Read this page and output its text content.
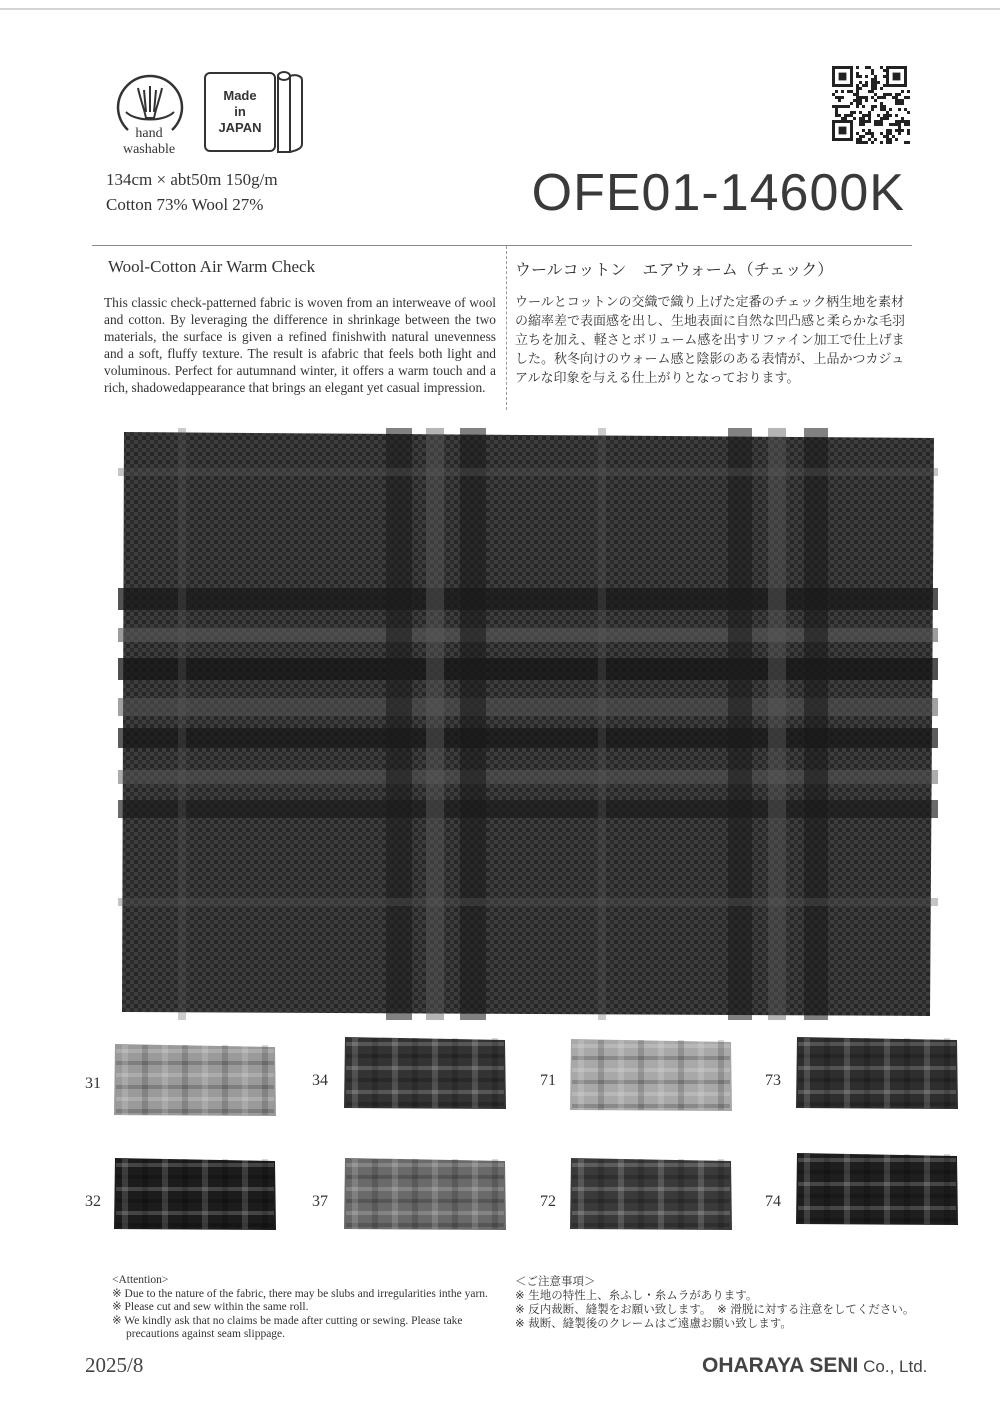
hand
washable
Made
in
JAPAN
134cm × abt50m 150g/m
Cotton 73% Wool 27%	OFE01-14600K
Wool-Cotton Air Warm Check	ウールコットン　エアウォーム（チェック）
This classic check-patterned fabric is woven from an interweave of wool and cotton. By leveraging the difference in shrinkage between the two materials, the surface is given a refined finishwith natural unevenness and a soft, fluffy texture. The result is afabric that feels both light and voluminous. Perfect for autumnand winter, it offers a warm touch and a rich, shadowedappearance that brings an elegant yet casual impression.
ウールとコットンの交織で織り上げた定番のチェック柄生地を素材の縮率差で表面感を出し、生地表面に自然な凹凸感と柔らかな毛羽立ちを加え、軽さとボリューム感を出すリファイン加工で仕上げました。秋冬向けのウォーム感と陰影のある表情が、上品かつカジュアルな印象を与える仕上がりとなっております。
31
32
34
37
71
72
73
74
<Attention>
※ Due to the nature of the fabric, there may be slubs and irregularities inthe yarn.
※ Please cut and sew within the same roll.
※ We kindly ask that no claims be made after cutting or sewing. Please take
precautions against seam slippage.
＜ご注意事項＞
※ 生地の特性上、糸ふし・糸ムラがあります。
※ 反内裁断、縫製をお願い致します。　※ 滑脱に対する注意をしてください。
※ 裁断、縫製後のクレームはご遠慮お願い致します。
2025/8	OHARAYA SENI Co., Ltd.
